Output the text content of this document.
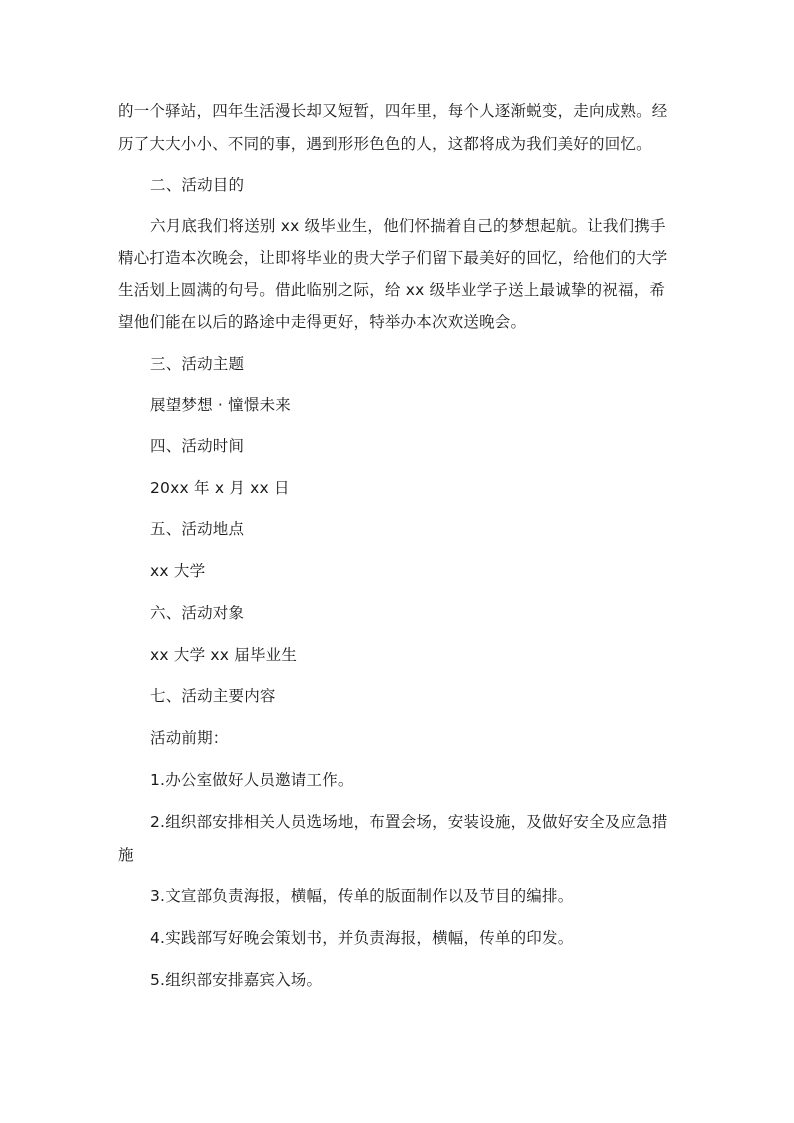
的一个驿站，四年生活漫长却又短暂，四年里，每个人逐渐蜕变，走向成熟。经
历了大大小小、不同的事，遇到形形色色的人，这都将成为我们美好的回忆。
二、活动目的
六月底我们将送别 xx 级毕业生，他们怀揣着自己的梦想起航。让我们携手
精心打造本次晚会，让即将毕业的贵大学子们留下最美好的回忆，给他们的大学
生活划上圆满的句号。借此临别之际，给 xx 级毕业学子送上最诚挚的祝福，希
望他们能在以后的路途中走得更好，特举办本次欢送晚会。
三、活动主题
展望梦想 · 憧憬未来
四、活动时间
20xx 年 x 月 xx 日
五、活动地点
xx 大学
六、活动对象
xx 大学 xx 届毕业生
七、活动主要内容
活动前期：
1.办公室做好人员邀请工作。
2.组织部安排相关人员选场地，布置会场，安装设施，及做好安全及应急措
施
3.文宣部负责海报，横幅，传单的版面制作以及节目的编排。
4.实践部写好晚会策划书，并负责海报，横幅，传单的印发。
5.组织部安排嘉宾入场。
